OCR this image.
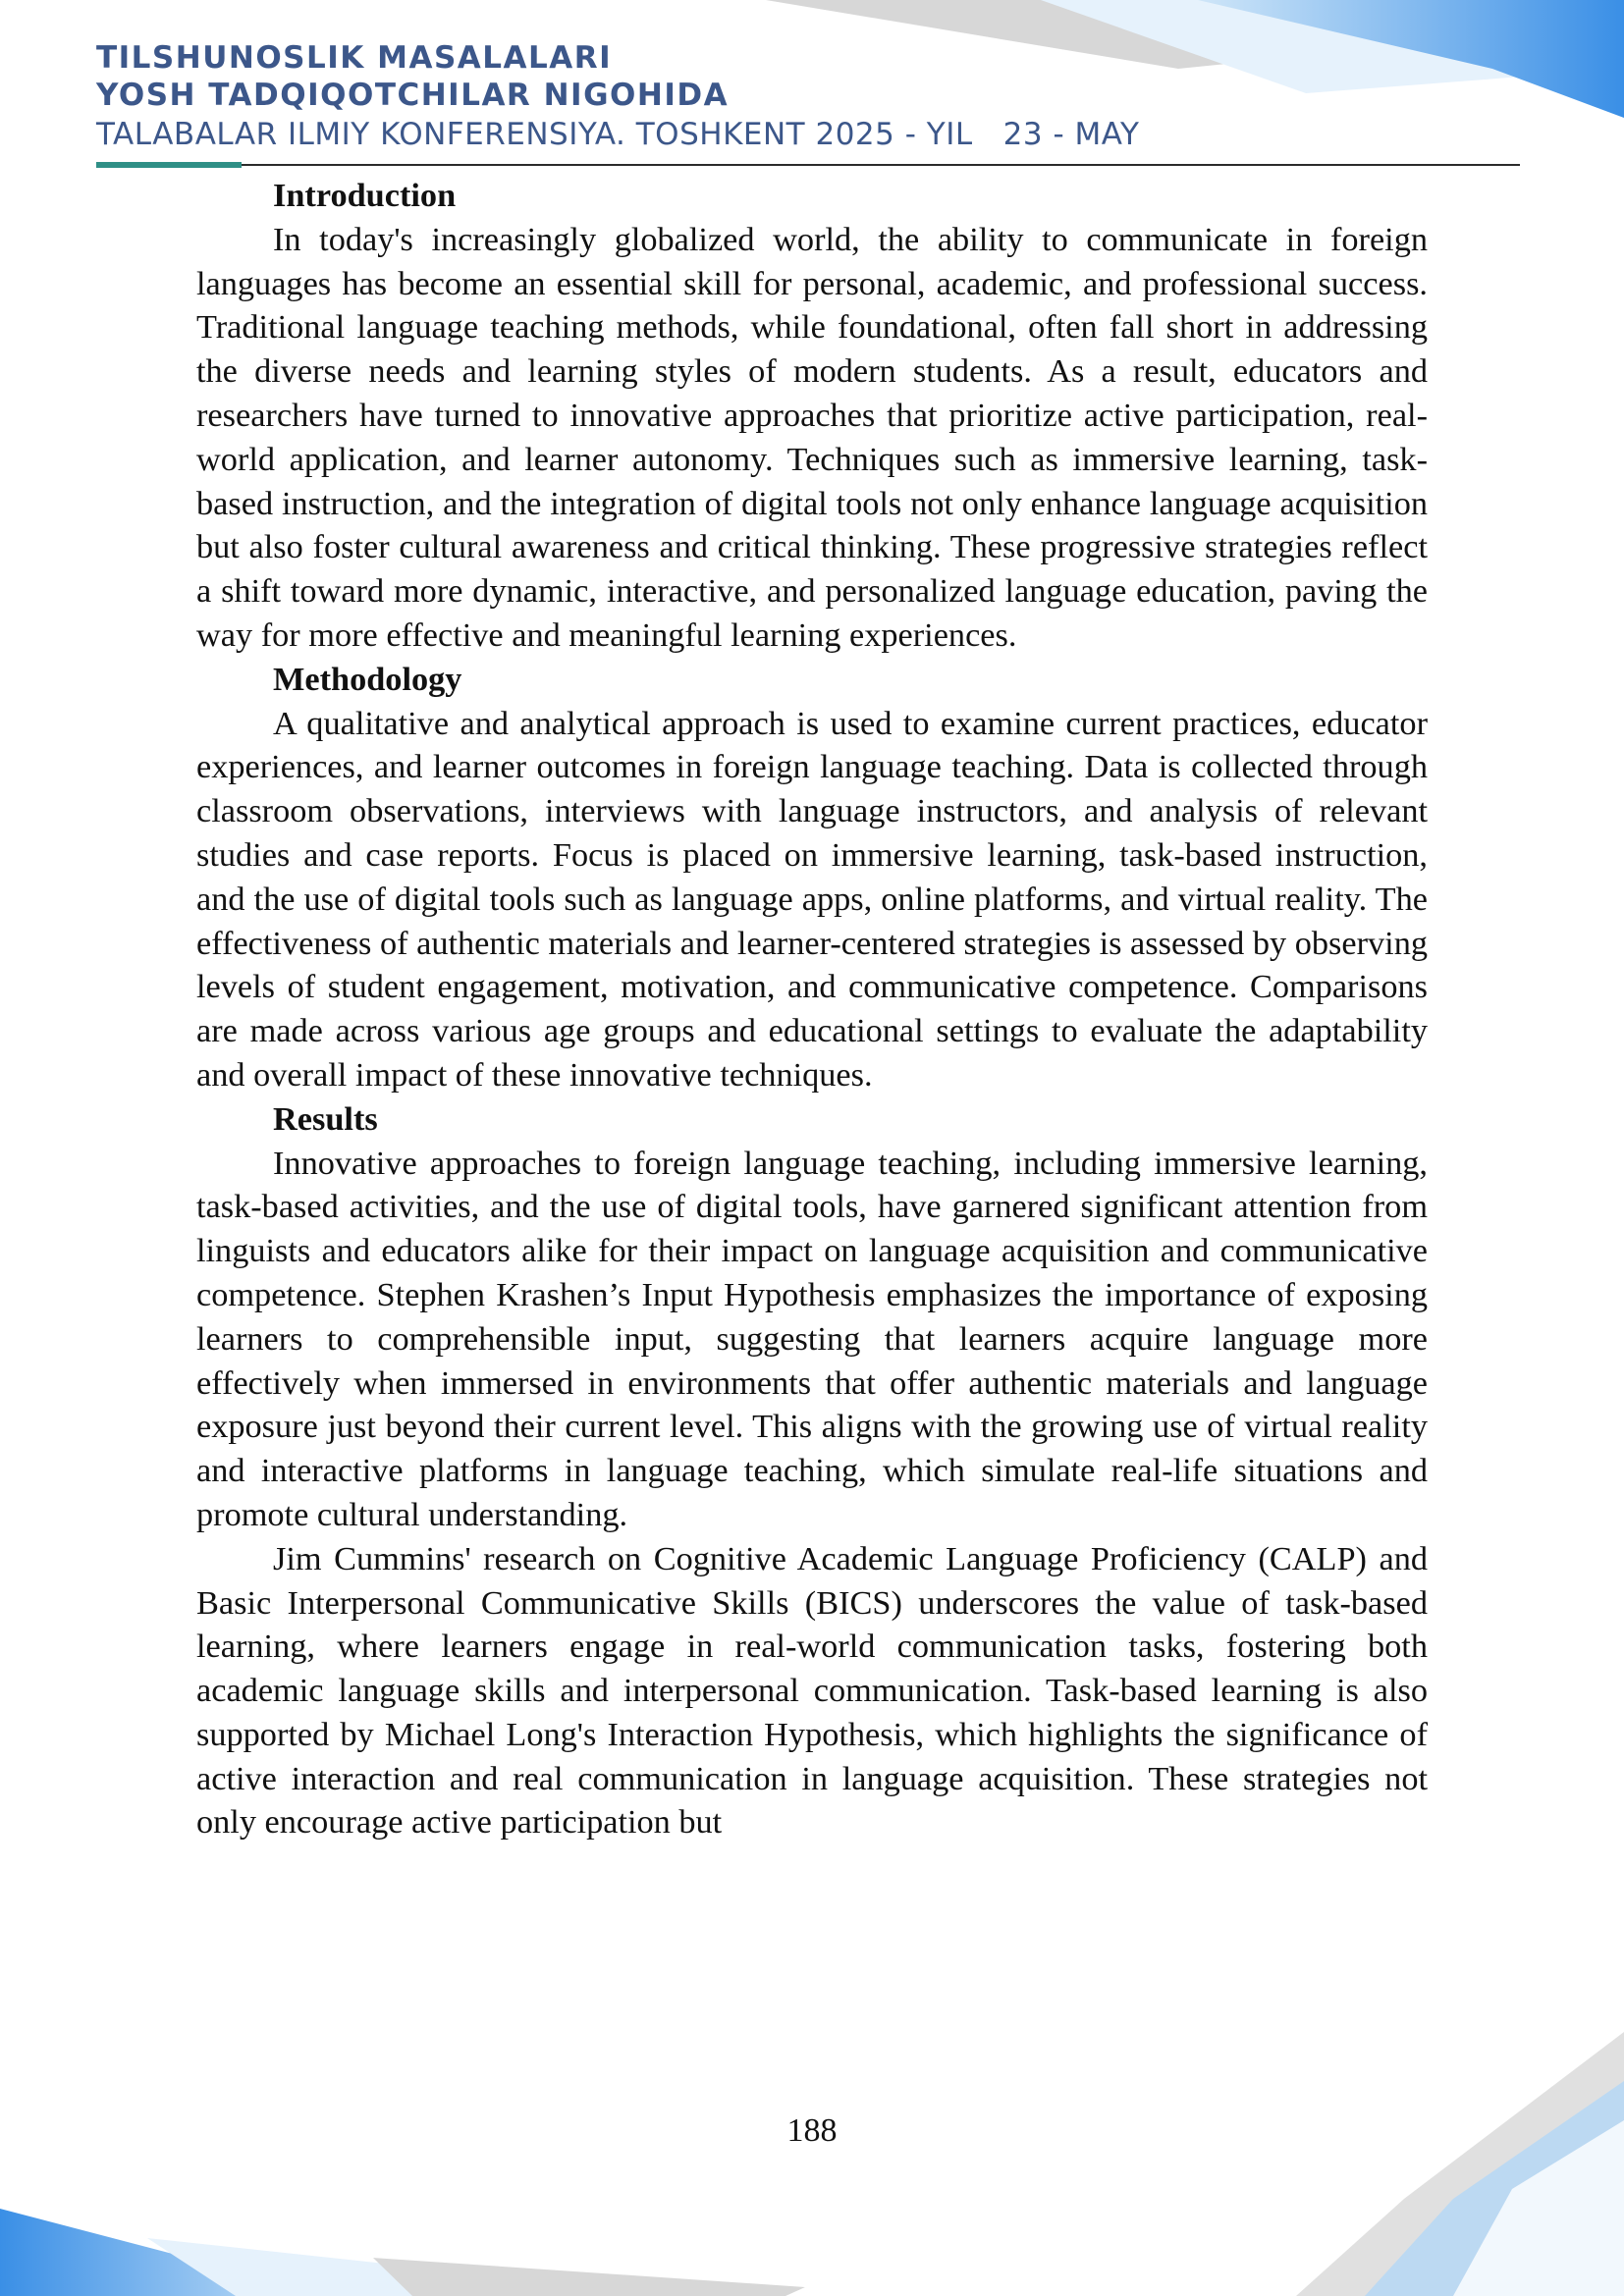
TILSHUNOSLIK MASALALARI
YOSH TADQIQOTCHILAR NIGOHIDA
TALABALAR ILMIY KONFERENSIYA. TOSHKENT 2025 - YIL   23 - MAY
Introduction

In today's increasingly globalized world, the ability to communicate in foreign languages has become an essential skill for personal, academic, and professional success. Traditional language teaching methods, while foundational, often fall short in addressing the diverse needs and learning styles of modern students. As a result, educators and researchers have turned to innovative approaches that prioritize active participation, real-world application, and learner autonomy. Techniques such as immersive learning, task-based instruction, and the integration of digital tools not only enhance language acquisition but also foster cultural awareness and critical thinking. These progressive strategies reflect a shift toward more dynamic, interactive, and personalized language education, paving the way for more effective and meaningful learning experiences.

Methodology

A qualitative and analytical approach is used to examine current practices, educator experiences, and learner outcomes in foreign language teaching. Data is collected through classroom observations, interviews with language instructors, and analysis of relevant studies and case reports. Focus is placed on immersive learning, task-based instruction, and the use of digital tools such as language apps, online platforms, and virtual reality. The effectiveness of authentic materials and learner-centered strategies is assessed by observing levels of student engagement, motivation, and communicative competence. Comparisons are made across various age groups and educational settings to evaluate the adaptability and overall impact of these innovative techniques.

Results

Innovative approaches to foreign language teaching, including immersive learning, task-based activities, and the use of digital tools, have garnered significant attention from linguists and educators alike for their impact on language acquisition and communicative competence. Stephen Krashen’s Input Hypothesis emphasizes the importance of exposing learners to comprehensible input, suggesting that learners acquire language more effectively when immersed in environments that offer authentic materials and language exposure just beyond their current level. This aligns with the growing use of virtual reality and interactive platforms in language teaching, which simulate real-life situations and promote cultural understanding.

Jim Cummins' research on Cognitive Academic Language Proficiency (CALP) and Basic Interpersonal Communicative Skills (BICS) underscores the value of task-based learning, where learners engage in real-world communication tasks, fostering both academic language skills and interpersonal communication. Task-based learning is also supported by Michael Long's Interaction Hypothesis, which highlights the significance of active interaction and real communication in language acquisition. These strategies not only encourage active participation but

188
